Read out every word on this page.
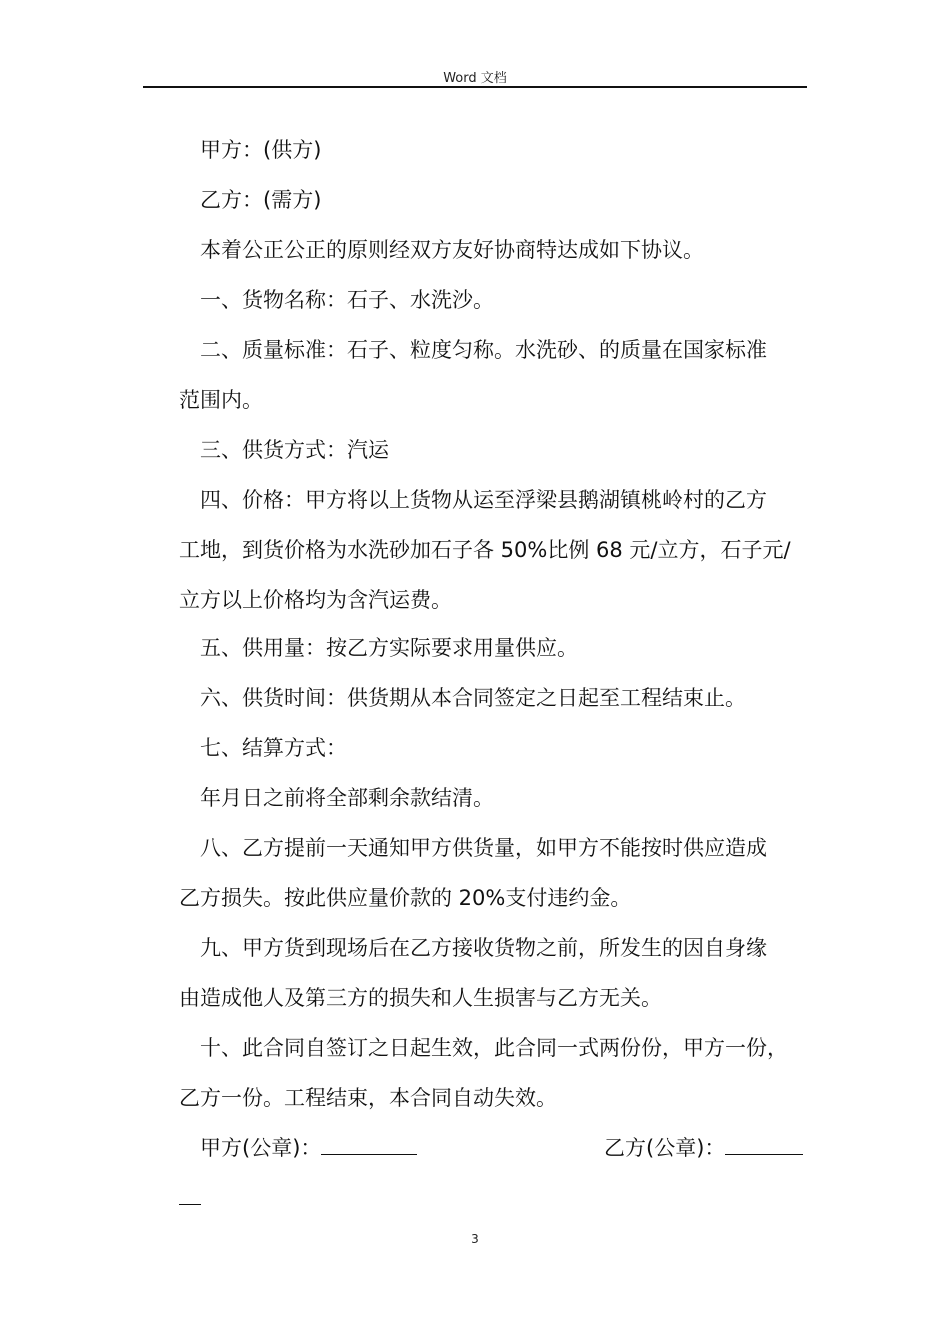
Word 文档
甲方：(供方)
乙方：(需方)
本着公正公正的原则经双方友好协商特达成如下协议。
一、货物名称：石子、水洗沙。
二、质量标准：石子、粒度匀称。水洗砂、的质量在国家标准
范围内。
三、供货方式：汽运
四、价格：甲方将以上货物从运至浮梁县鹅湖镇桃岭村的乙方
工地，到货价格为水洗砂加石子各 50%比例 68 元/立方，石子元/
立方以上价格均为含汽运费。
五、供用量：按乙方实际要求用量供应。
六、供货时间：供货期从本合同签定之日起至工程结束止。
七、结算方式：
年月日之前将全部剩余款结清。
八、乙方提前一天通知甲方供货量，如甲方不能按时供应造成
乙方损失。按此供应量价款的 20%支付违约金。
九、甲方货到现场后在乙方接收货物之前，所发生的因自身缘
由造成他人及第三方的损失和人生损害与乙方无关。
十、此合同自签订之日起生效，此合同一式两份份，甲方一份，
乙方一份。工程结束，本合同自动失效。
甲方(公章)：	乙方(公章)：
3
